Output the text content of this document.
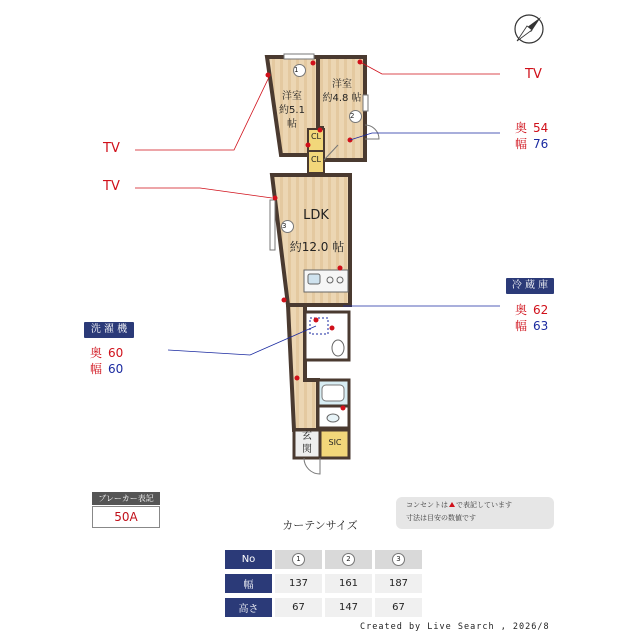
洋室
約5.1 帖
洋室
約4.8 帖
CL
CL
LDK
約12.0 帖
玄
関
SIC
1
2
3
TV
TV
TV
奥 54
幅 76
冷 蔵 庫
奥 62
幅 63
洗 濯 機
奥 60
幅 60
ブレーカー表記
50A
コンセントは で表記しています
寸法は目安の数値です
カーテンサイズ
No	1	2	3
幅	137	161	187
高さ	67	147	67
Created by Live Search , 2026/8
